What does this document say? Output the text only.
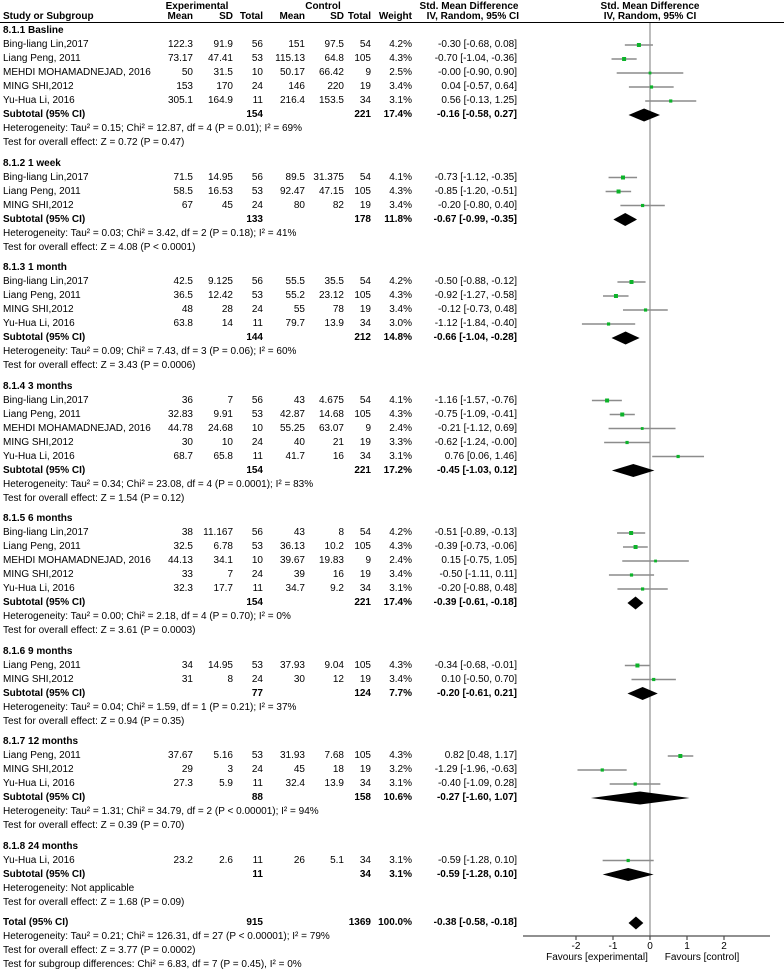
Experimental	Control	Std. Mean Difference	Std. Mean Difference
Study or Subgroup	Mean	SD Total Mean	SD Total Weight IV, Random, 95% CI	IV, Random, 95% CI
8.1.1 Basline
Bing-liang Lin,2017	122.3 91.9 56	151 97.5 54 4.2%	-0.30 [-0.68, 0.08]
Liang Peng, 2011	73.17 47.41 53 115.13 64.8 105 4.3% -0.70 [-1.04, -0.36]
MEHDI MOHAMADNEJAD, 2016	50 31.5 10 50.17 66.42 9 2.5%	-0.00 [-0.90, 0.90]
MING SHI,2012	153 170 24	146 220 19 3.4%	0.04 [-0.57, 0.64]
Yu-Hua Li, 2016	305.1 164.9 11 216.4 153.5 34 3.1%	0.56 [-0.13, 1.25]
Subtotal (95% CI)	154	221 17.4% -0.16 [-0.58, 0.27]
Heterogeneity: Tau² = 0.15; Chi² = 12.87, df = 4 (P = 0.01); I² = 69%
Test for overall effect: Z = 0.72 (P = 0.47)
8.1.2 1 week
Bing-liang Lin,2017	71.5 14.95 56 89.5 31.375 54 4.1% -0.73 [-1.12, -0.35]
Liang Peng, 2011	58.5 16.53 53 92.47 47.15 105 4.3% -0.85 [-1.20, -0.51]
MING SHI,2012	67	45 24	80	82 19 3.4%	-0.20 [-0.80, 0.40]
Subtotal (95% CI)	133	178 11.8% -0.67 [-0.99, -0.35]
Heterogeneity: Tau² = 0.03; Chi² = 3.42, df = 2 (P = 0.18); I² = 41%
Test for overall effect: Z = 4.08 (P < 0.0001)
8.1.3 1 month
Bing-liang Lin,2017	42.5 9.125 56 55.5 35.5 54 4.2% -0.50 [-0.88, -0.12]
Liang Peng, 2011	36.5 12.42 53 55.2 23.12 105 4.3% -0.92 [-1.27, -0.58]
MING SHI,2012	48	28 24	55	78 19 3.4%	-0.12 [-0.73, 0.48]
Yu-Hua Li, 2016	63.8	14 11 79.7 13.9 34 3.0% -1.12 [-1.84, -0.40]
Subtotal (95% CI)	144	212 14.8% -0.66 [-1.04, -0.28]
Heterogeneity: Tau² = 0.09; Chi² = 7.43, df = 3 (P = 0.06); I² = 60%
Test for overall effect: Z = 3.43 (P = 0.0006)
8.1.4 3 months
Bing-liang Lin,2017	36	7 56	43 4.675 54 4.1% -1.16 [-1.57, -0.76]
Liang Peng, 2011	32.83 9.91 53 42.87 14.68 105 4.3% -0.75 [-1.09, -0.41]
MEHDI MOHAMADNEJAD, 2016 44.78 24.68 10 55.25 63.07 9 2.4%	-0.21 [-1.12, 0.69]
MING SHI,2012	30	10 24	40	21 19 3.3% -0.62 [-1.24, -0.00]
Yu-Hua Li, 2016	68.7 65.8 11 41.7	16 34 3.1%	0.76 [0.06, 1.46]
Subtotal (95% CI)	154	221 17.2% -0.45 [-1.03, 0.12]
Heterogeneity: Tau² = 0.34; Chi² = 23.08, df = 4 (P = 0.0001); I² = 83%
Test for overall effect: Z = 1.54 (P = 0.12)
8.1.5 6 months
Bing-liang Lin,2017	38 11.167 56	43	8 54 4.2% -0.51 [-0.89, -0.13]
Liang Peng, 2011	32.5 6.78 53 36.13 10.2 105 4.3% -0.39 [-0.73, -0.06]
MEHDI MOHAMADNEJAD, 2016 44.13 34.1 10 39.67 19.83 9 2.4%	0.15 [-0.75, 1.05]
MING SHI,2012	33	7 24	39	16 19 3.4%	-0.50 [-1.11, 0.11]
Yu-Hua Li, 2016	32.3 17.7 11 34.7	9.2 34 3.1%	-0.20 [-0.88, 0.48]
Subtotal (95% CI)	154	221 17.4% -0.39 [-0.61, -0.18]
Heterogeneity: Tau² = 0.00; Chi² = 2.18, df = 4 (P = 0.70); I² = 0%
Test for overall effect: Z = 3.61 (P = 0.0003)
8.1.6 9 months
Liang Peng, 2011	34 14.95 53 37.93 9.04 105 4.3% -0.34 [-0.68, -0.01]
MING SHI,2012	31	8 24	30	12 19 3.4%	0.10 [-0.50, 0.70]
Subtotal (95% CI)	77	124 7.7% -0.20 [-0.61, 0.21]
Heterogeneity: Tau² = 0.04; Chi² = 1.59, df = 1 (P = 0.21); I² = 37%
Test for overall effect: Z = 0.94 (P = 0.35)
8.1.7 12 months
Liang Peng, 2011	37.67 5.16 53 31.93 7.68 105 4.3%	0.82 [0.48, 1.17]
MING SHI,2012	29	3 24	45	18 19 3.2% -1.29 [-1.96, -0.63]
Yu-Hua Li, 2016	27.3	5.9 11 32.4 13.9 34 3.1%	-0.40 [-1.09, 0.28]
Subtotal (95% CI)	88	158 10.6% -0.27 [-1.60, 1.07]
Heterogeneity: Tau² = 1.31; Chi² = 34.79, df = 2 (P < 0.00001); I² = 94%
Test for overall effect: Z = 0.39 (P = 0.70)
8.1.8 24 months
Yu-Hua Li, 2016	23.2	2.6 11	26	5.1 34 3.1%	-0.59 [-1.28, 0.10]
Subtotal (95% CI)	11	34 3.1% -0.59 [-1.28, 0.10]
Heterogeneity: Not applicable
Test for overall effect: Z = 1.68 (P = 0.09)
Total (95% CI)	915	1369 100.0% -0.38 [-0.58, -0.18]
Heterogeneity: Tau² = 0.21; Chi² = 126.31, df = 27 (P < 0.00001); I² = 79%
Test for overall effect: Z = 3.77 (P = 0.0002)
Test for subgroup differences: Chi² = 6.83, df = 7 (P = 0.45), I² = 0%
-2	-1	0	1	2
Favours [experimental] Favours [control]
